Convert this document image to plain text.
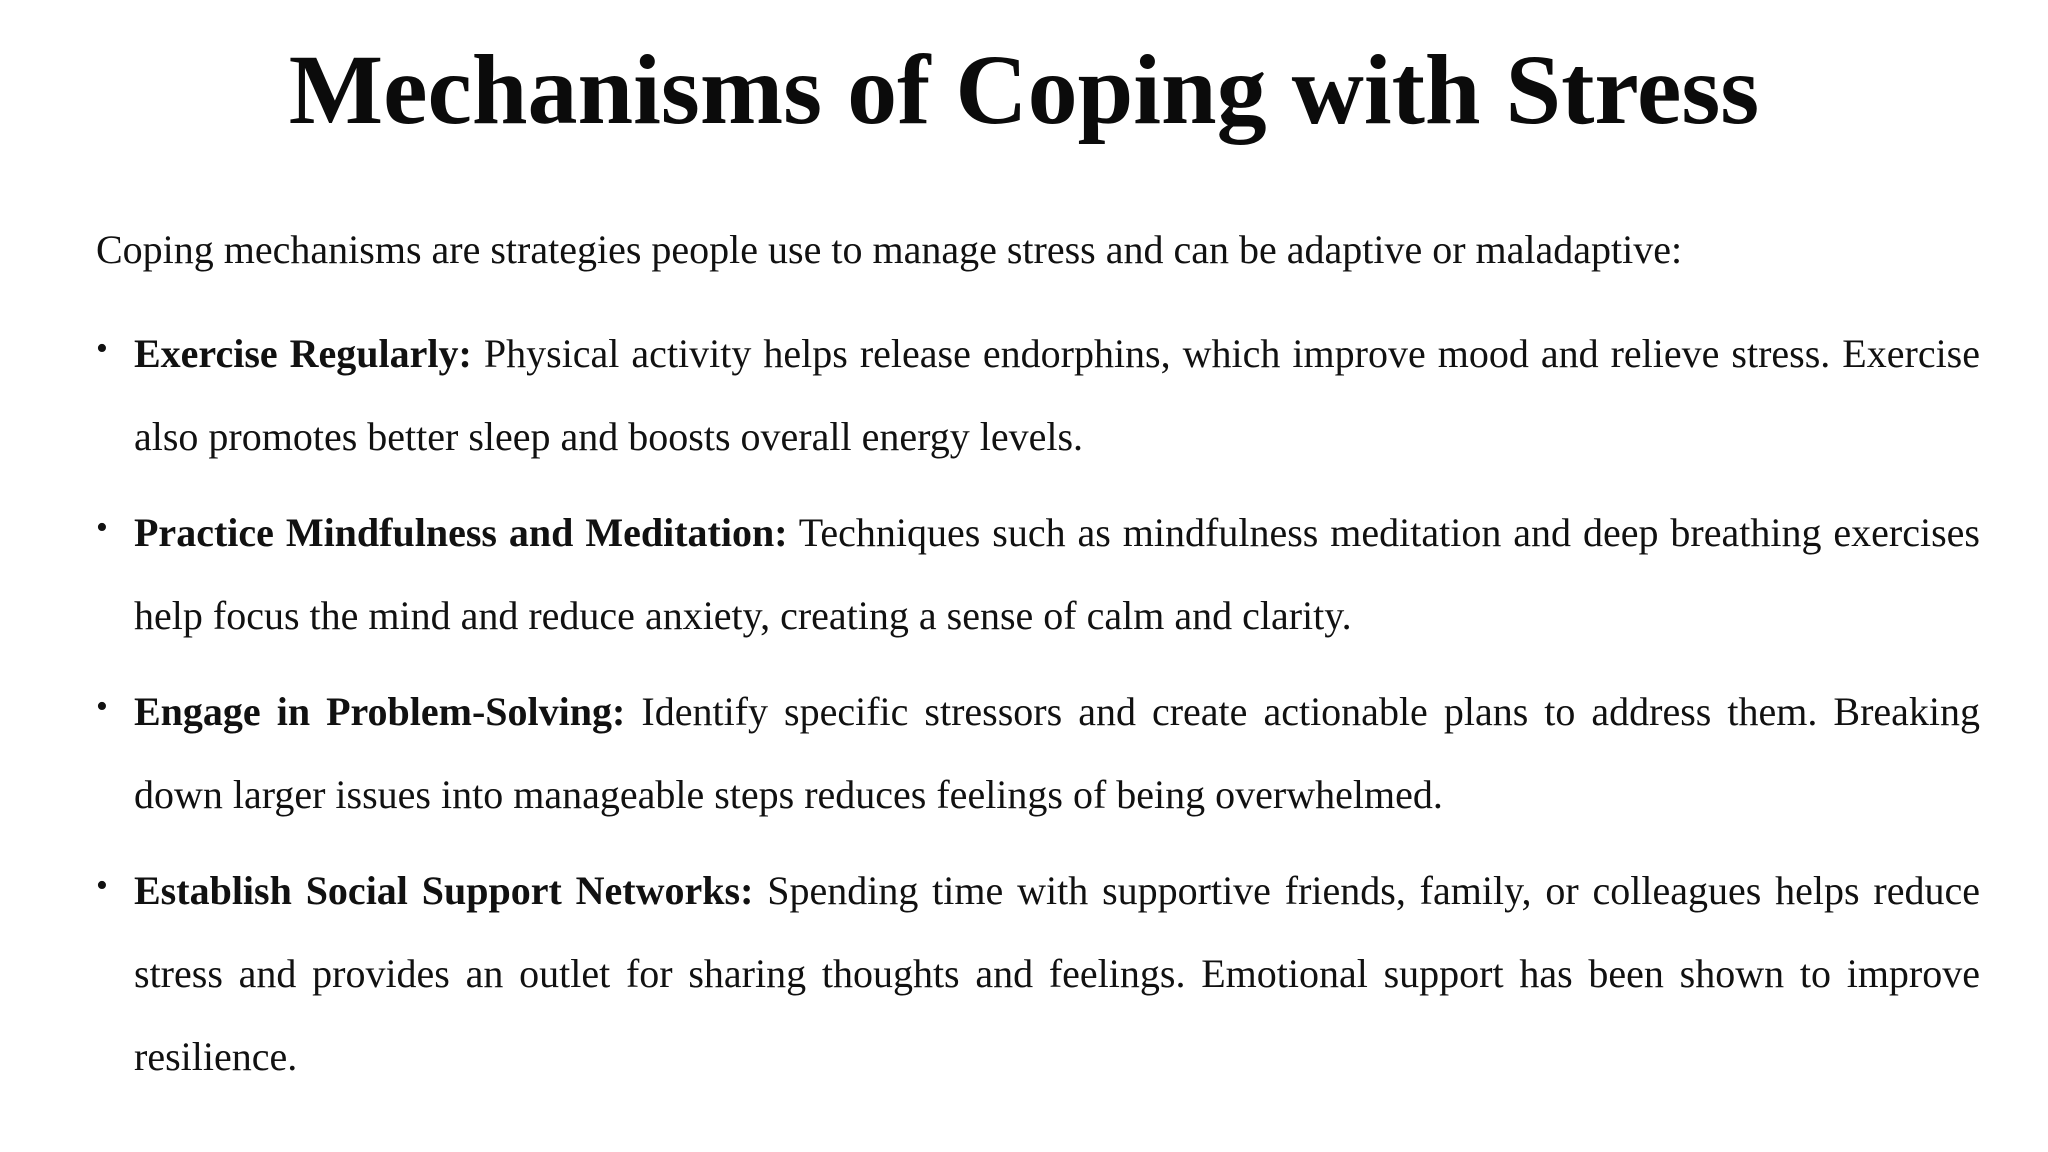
Mechanisms of Coping with Stress

Coping mechanisms are strategies people use to manage stress and can be adaptive or maladaptive:

• Exercise Regularly: Physical activity helps release endorphins, which improve mood and relieve stress. Exercise also promotes better sleep and boosts overall energy levels.
• Practice Mindfulness and Meditation: Techniques such as mindfulness meditation and deep breathing exercises help focus the mind and reduce anxiety, creating a sense of calm and clarity.
• Engage in Problem-Solving: Identify specific stressors and create actionable plans to address them. Breaking down larger issues into manageable steps reduces feelings of being overwhelmed.
• Establish Social Support Networks: Spending time with supportive friends, family, or colleagues helps reduce stress and provides an outlet for sharing thoughts and feelings. Emotional support has been shown to improve resilience.
